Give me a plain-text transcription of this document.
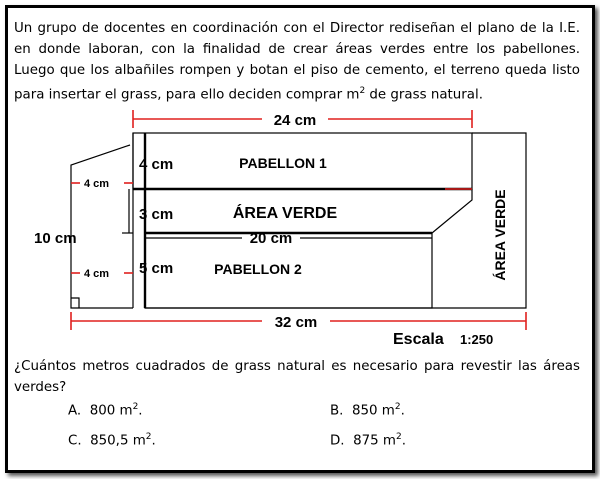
Un grupo de docentes en coordinación con el Director rediseñan el plano de la I.E. en donde laboran, con la finalidad de crear áreas verdes entre los pabellones. Luego que los albañiles rompen y botan el piso de cemento, el terreno queda listo para insertar el grass, para ello deciden comprar $m^2$ de grass natural.

24 cm
32 cm
20 cm
10 cm
4 cm
4 cm
4 cm
3 cm
5 cm
PABELLON 1
ÁREA VERDE
PABELLON 2	ÁREA VERDE
Escala 1:250

¿Cuántos metros cuadrados de grass natural es necesario para revestir las áreas verdes?

A. 800 $m^2$.	B. 850 $m^2$.
C. 850,5 $m^2$.	D. 875 $m^2$.
